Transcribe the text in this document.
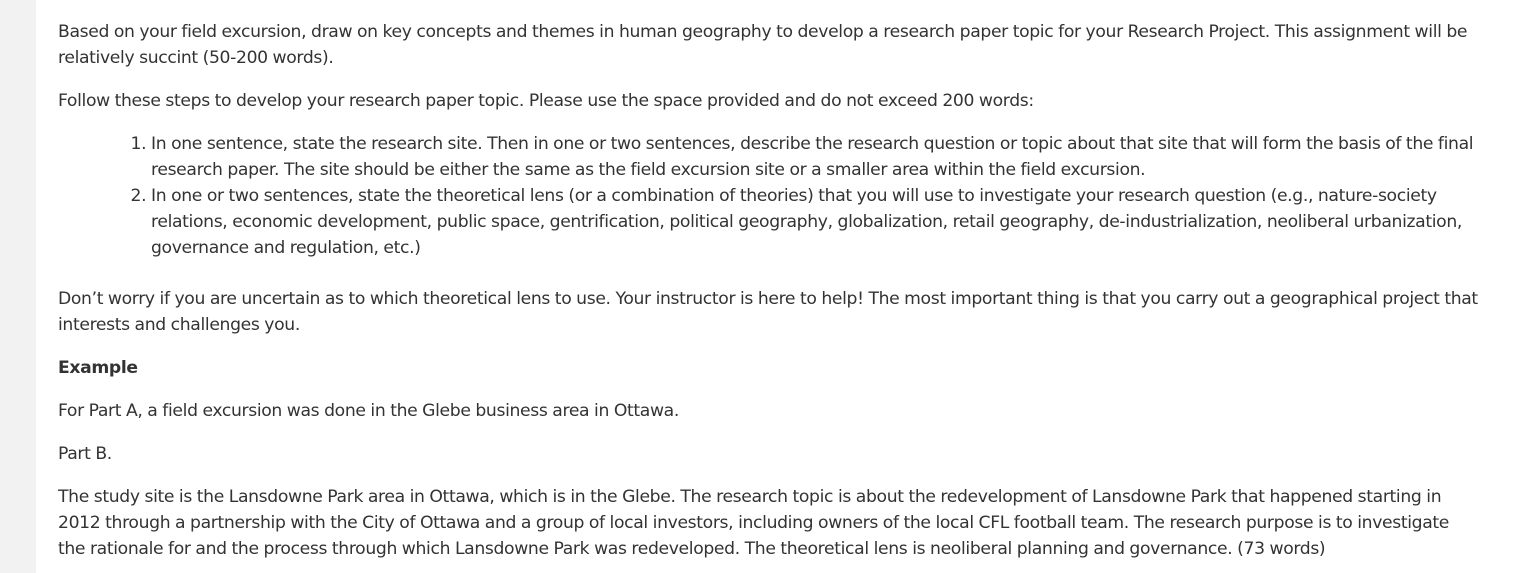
Based on your field excursion, draw on key concepts and themes in human geography to develop a research paper topic for your Research Project. This assignment will be relatively succint (50-200 words).

Follow these steps to develop your research paper topic. Please use the space provided and do not exceed 200 words:

1. In one sentence, state the research site. Then in one or two sentences, describe the research question or topic about that site that will form the basis of the final research paper. The site should be either the same as the field excursion site or a smaller area within the field excursion.
2. In one or two sentences, state the theoretical lens (or a combination of theories) that you will use to investigate your research question (e.g., nature-society relations, economic development, public space, gentrification, political geography, globalization, retail geography, de-industrialization, neoliberal urbanization, governance and regulation, etc.)

Don’t worry if you are uncertain as to which theoretical lens to use. Your instructor is here to help! The most important thing is that you carry out a geographical project that interests and challenges you.

Example

For Part A, a field excursion was done in the Glebe business area in Ottawa.

Part B.

The study site is the Lansdowne Park area in Ottawa, which is in the Glebe. The research topic is about the redevelopment of Lansdowne Park that happened starting in 2012 through a partnership with the City of Ottawa and a group of local investors, including owners of the local CFL football team. The research purpose is to investigate the rationale for and the process through which Lansdowne Park was redeveloped. The theoretical lens is neoliberal planning and governance. (73 words)
